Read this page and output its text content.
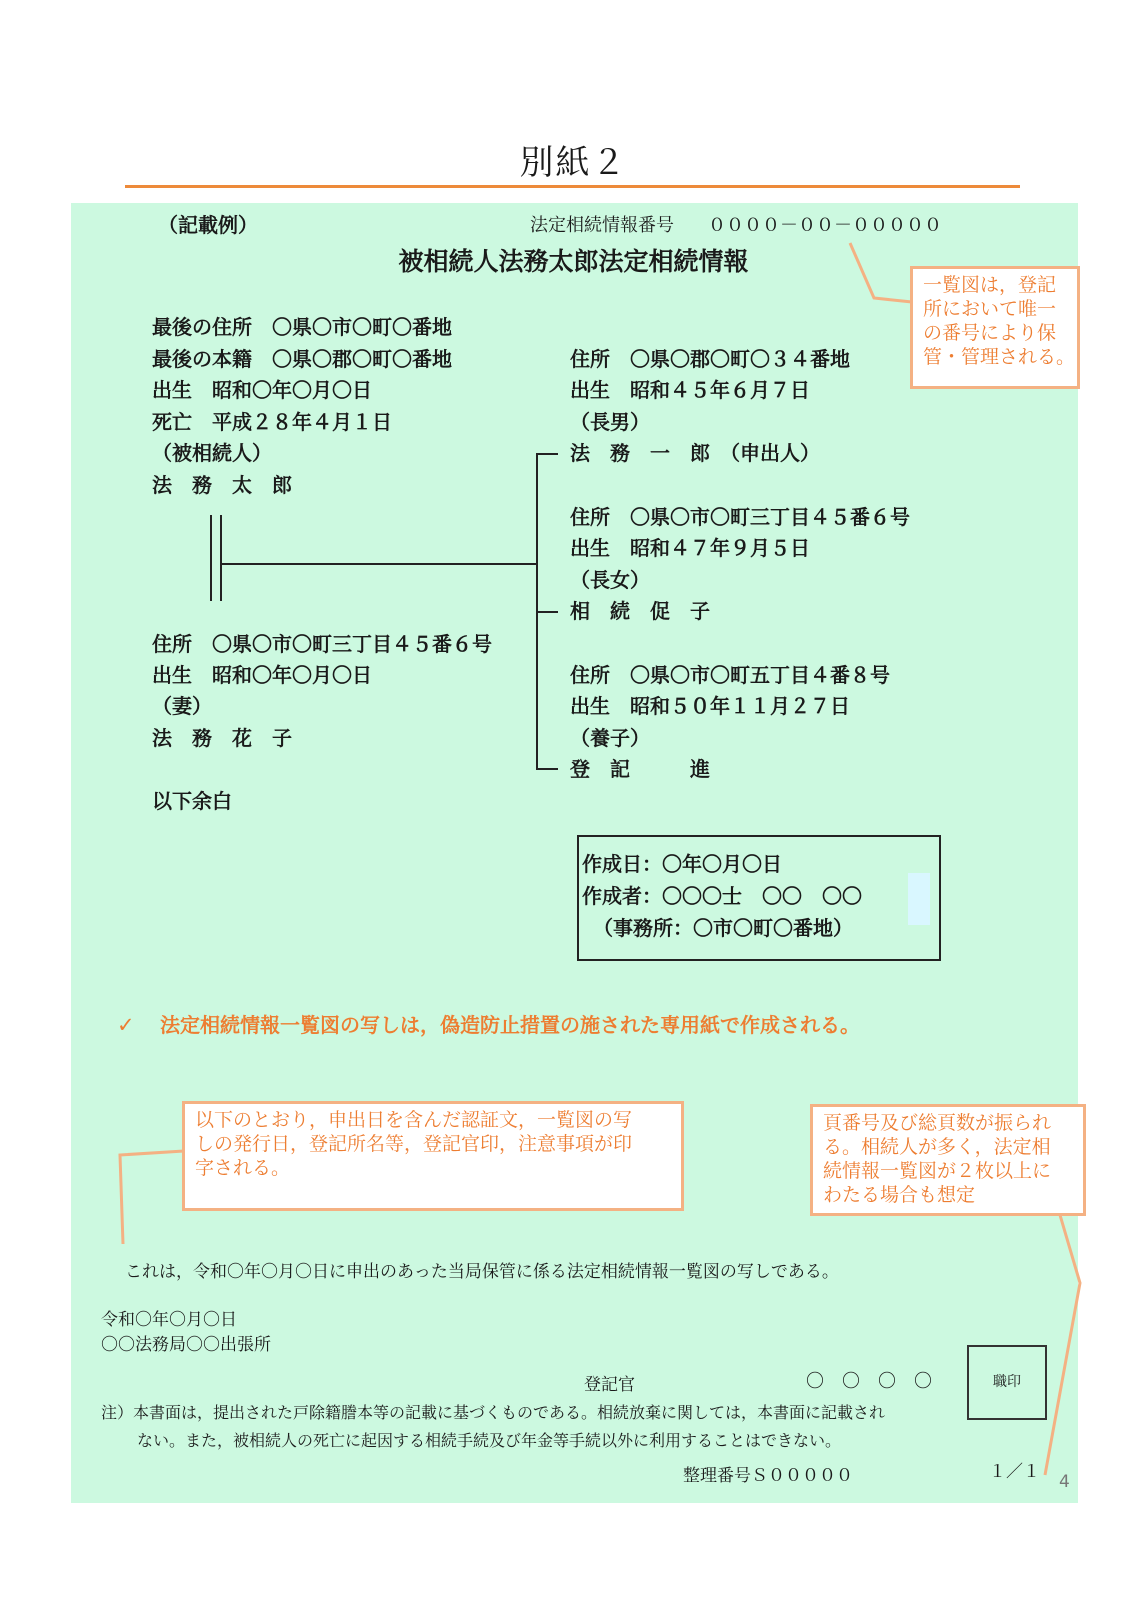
別紙２
（記載例）	法定相続情報番号 ００００－００－０００００
被相続人法務太郎法定相続情報
最後の住所　〇県〇市〇町〇番地
最後の本籍　〇県〇郡〇町〇番地
出生　昭和〇年〇月〇日
死亡　平成２８年４月１日
（被相続人）
法　務　太　郎
住所　〇県〇市〇町三丁目４５番６号
出生　昭和〇年〇月〇日
（妻）
法　務　花　子
以下余白
住所　〇県〇郡〇町〇３４番地
出生　昭和４５年６月７日
（長男）
法　務　一　郎　（申出人）
住所　〇県〇市〇町三丁目４５番６号
出生　昭和４７年９月５日
（長女）
相　続　促　子
住所　〇県〇市〇町五丁目４番８号
出生　昭和５０年１１月２７日
（養子）
登　記　　　進
作成日：〇年〇月〇日
作成者：〇〇〇士　〇〇　〇〇
（事務所：〇市〇町〇番地）
✓ 法定相続情報一覧図の写しは，偽造防止措置の施された専用紙で作成される。
一覧図は，登記
所において唯一
の番号により保
管・管理される。
以下のとおり，申出日を含んだ認証文，一覧図の写
しの発行日，登記所名等，登記官印，注意事項が印
字される。
頁番号及び総頁数が振られ
る。相続人が多く，法定相
続情報一覧図が２枚以上に
わたる場合も想定
これは，令和〇年〇月〇日に申出のあった当局保管に係る法定相続情報一覧図の写しである。
令和〇年〇月〇日
〇〇法務局〇〇出張所
登記官	〇　〇　〇　〇	職印
注）本書面は，提出された戸除籍謄本等の記載に基づくものである。相続放棄に関しては，本書面に記載され
ない。また，被相続人の死亡に起因する相続手続及び年金等手続以外に利用することはできない。
整理番号Ｓ０００００	１／１ 4
